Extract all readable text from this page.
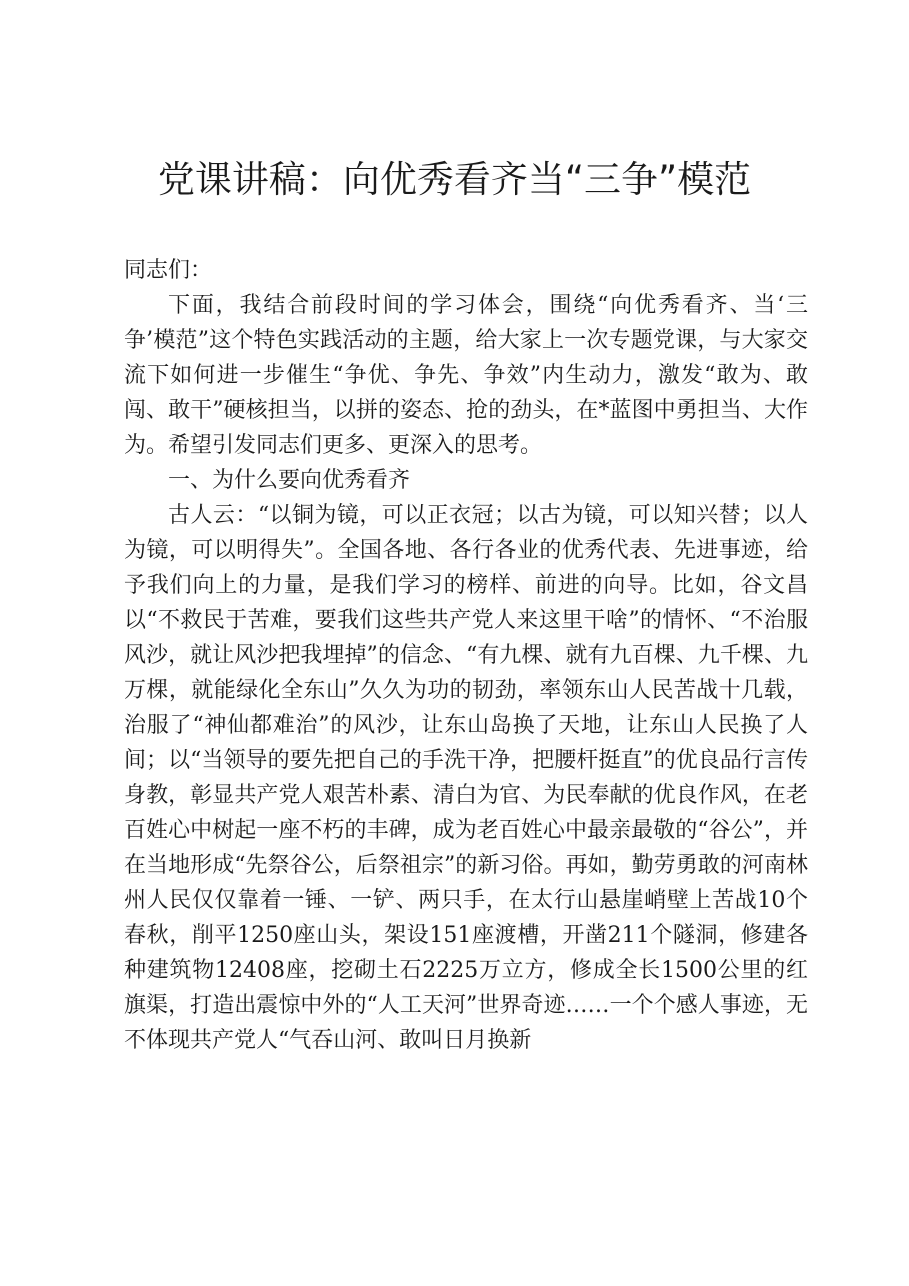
党课讲稿：向优秀看齐当“三争”模范

同志们：

下面，我结合前段时间的学习体会，围绕“向优秀看齐、当‘三争’模范”这个特色实践活动的主题，给大家上一次专题党课，与大家交流下如何进一步催生“争优、争先、争效”内生动力，激发“敢为、敢闯、敢干”硬核担当，以拼的姿态、抢的劲头，在*蓝图中勇担当、大作为。希望引发同志们更多、更深入的思考。

一、为什么要向优秀看齐

古人云：“以铜为镜，可以正衣冠；以古为镜，可以知兴替；以人为镜，可以明得失”。全国各地、各行各业的优秀代表、先进事迹，给予我们向上的力量，是我们学习的榜样、前进的向导。比如，谷文昌以“不救民于苦难，要我们这些共产党人来这里干啥”的情怀、“不治服风沙，就让风沙把我埋掉”的信念、“有九棵、就有九百棵、九千棵、九万棵，就能绿化全东山”久久为功的韧劲，率领东山人民苦战十几载，治服了“神仙都难治”的风沙，让东山岛换了天地，让东山人民换了人间；以“当领导的要先把自己的手洗干净，把腰杆挺直”的优良品行言传身教，彰显共产党人艰苦朴素、清白为官、为民奉献的优良作风，在老百姓心中树起一座不朽的丰碑，成为老百姓心中最亲最敬的“谷公”，并在当地形成“先祭谷公，后祭祖宗”的新习俗。再如，勤劳勇敢的河南林州人民仅仅靠着一锤、一铲、两只手，在太行山悬崖峭壁上苦战10个春秋，削平1250座山头，架设151座渡槽，开凿211个隧洞，修建各种建筑物12408座，挖砌土石2225万立方，修成全长1500公里的红旗渠，打造出震惊中外的“人工天河”世界奇迹……一个个感人事迹，无不体现共产党人“气吞山河、敢叫日月换新
